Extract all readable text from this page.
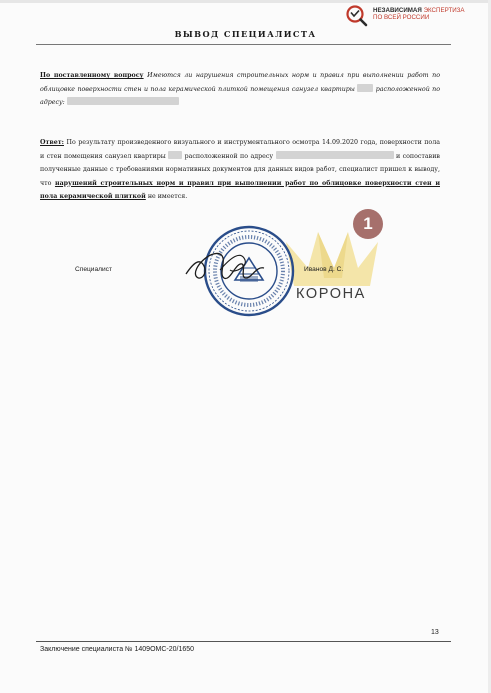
НЕЗАВИСИМАЯ ЭКСПЕРТИЗА
ПО ВСЕЙ РОССИИ
ВЫВОД СПЕЦИАЛИСТА
По поставленному вопросу Имеются ли нарушения строительных норм и правил при выполнении работ по облицовке поверхности стен и пола керамической плиткой помещения санузел квартиры	расположенной по адресу:
Ответ: По результату произведенного визуального и инструментального осмотра 14.09.2020 года, поверхности пола и стен помещения санузел квартиры	расположенной по адресу	и сопоставив полученные данные с требованиями нормативных документов для данных видов работ, специалист пришел к выводу, что нарушений строительных норм и правил при выполнении работ по облицовке поверхности стен и пола керамической плиткой не имеется.
Специалист	Иванов Д. С.
КОРОНА
1
13
Заключение специалиста № 1409ОМС-20/1650
